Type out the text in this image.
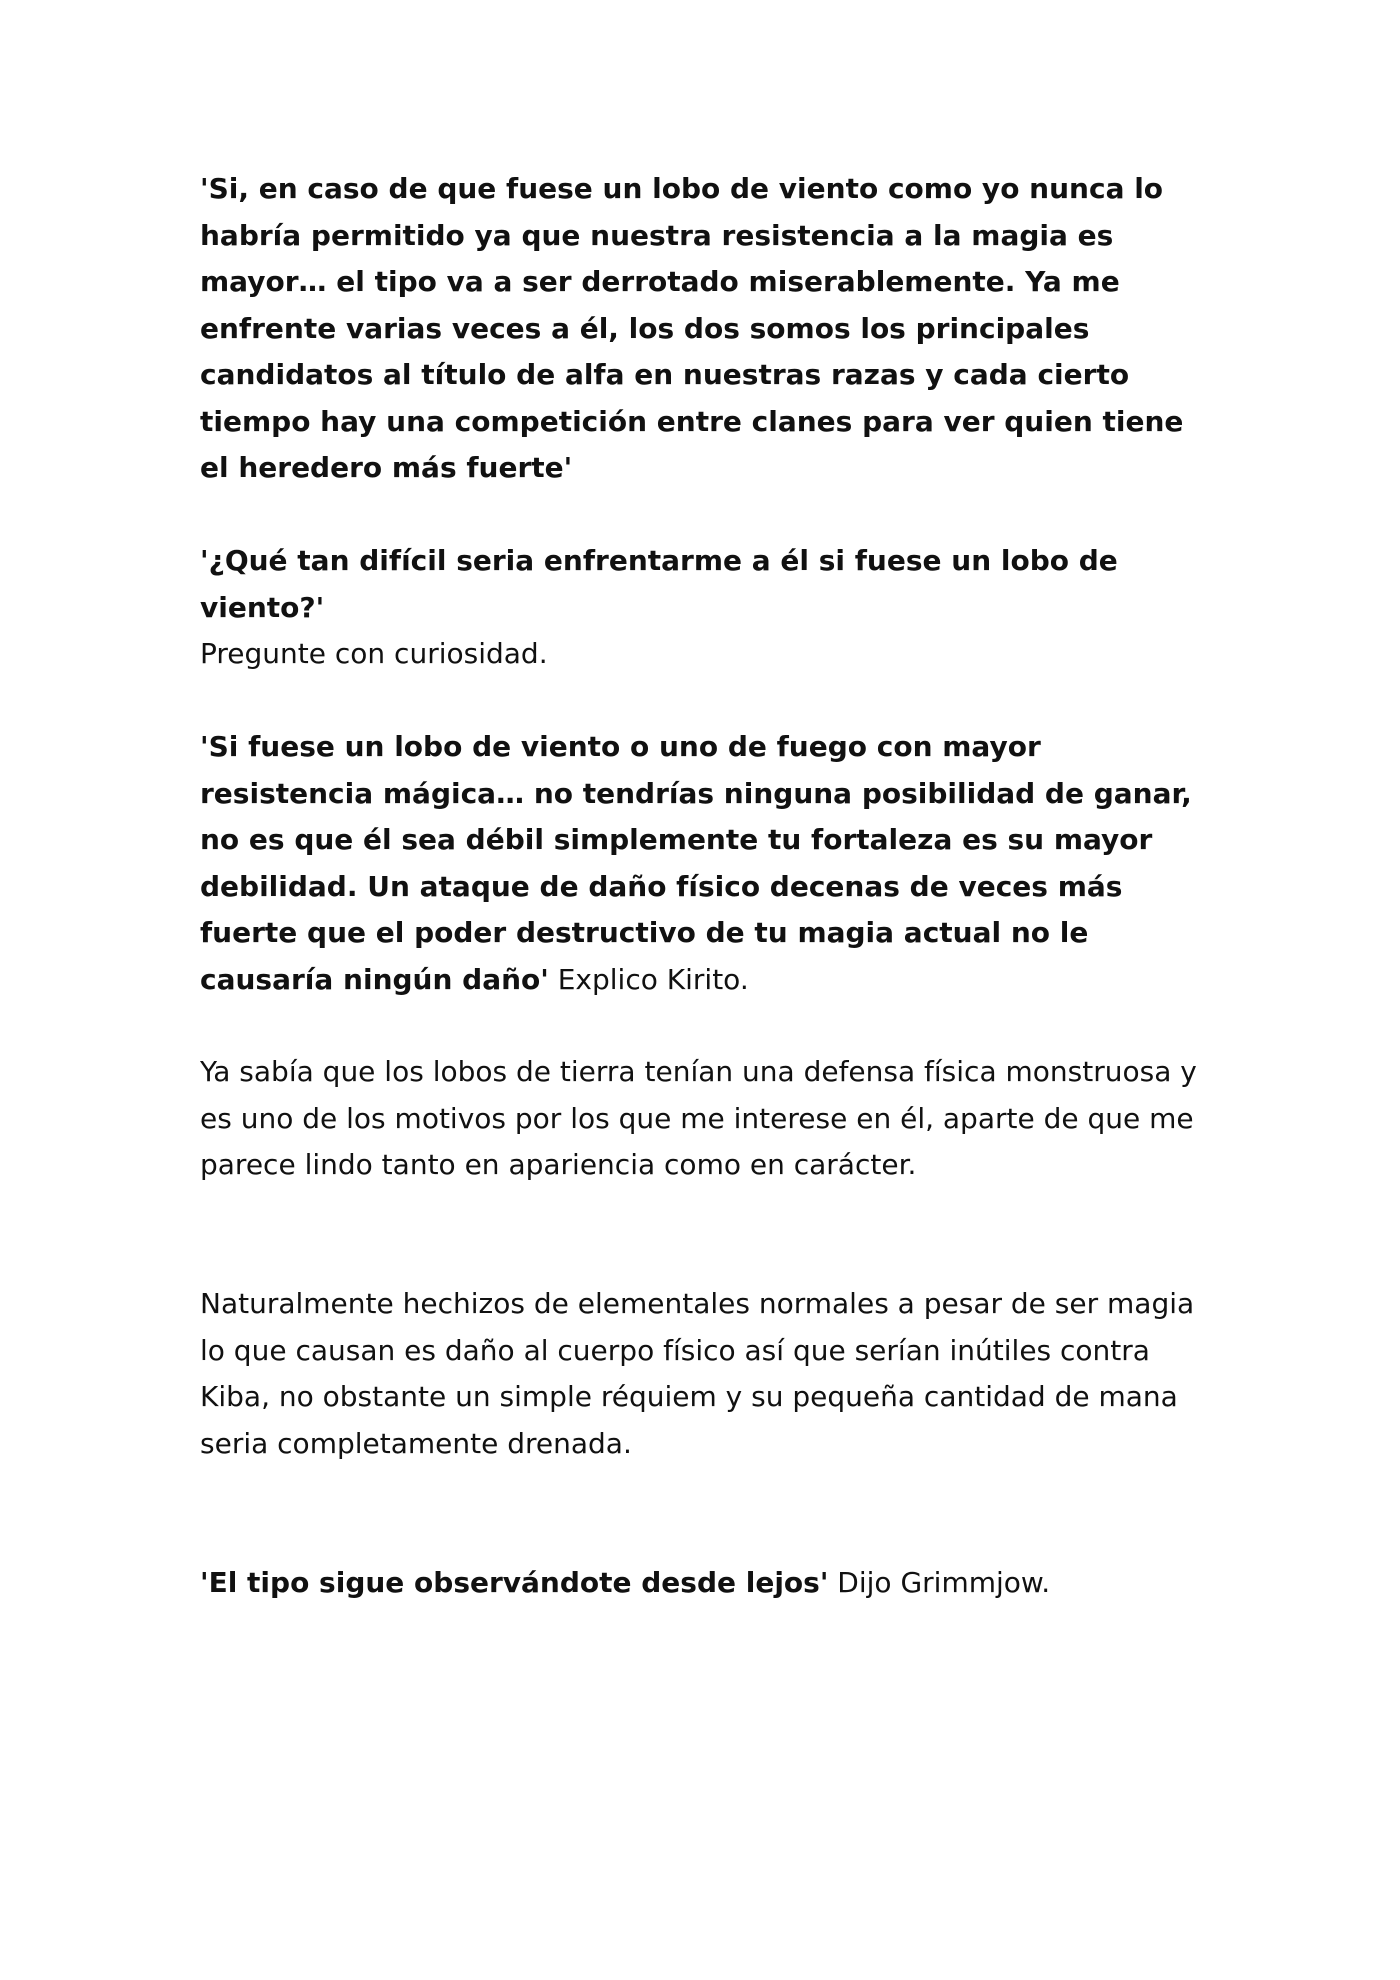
'Si, en caso de que fuese un lobo de viento como yo nunca lo habría permitido ya que nuestra resistencia a la magia es mayor… el tipo va a ser derrotado miserablemente. Ya me enfrente varias veces a él, los dos somos los principales candidatos al título de alfa en nuestras razas y cada cierto tiempo hay una competición entre clanes para ver quien tiene el heredero más fuerte'

'¿Qué tan difícil seria enfrentarme a él si fuese un lobo de viento?'
Pregunte con curiosidad.

'Si fuese un lobo de viento o uno de fuego con mayor resistencia mágica… no tendrías ninguna posibilidad de ganar, no es que él sea débil simplemente tu fortaleza es su mayor debilidad. Un ataque de daño físico decenas de veces más fuerte que el poder destructivo de tu magia actual no le causaría ningún daño' Explico Kirito.

Ya sabía que los lobos de tierra tenían una defensa física monstruosa y es uno de los motivos por los que me interese en él, aparte de que me parece lindo tanto en apariencia como en carácter.

Naturalmente hechizos de elementales normales a pesar de ser magia lo que causan es daño al cuerpo físico así que serían inútiles contra Kiba, no obstante un simple réquiem y su pequeña cantidad de mana seria completamente drenada.

'El tipo sigue observándote desde lejos' Dijo Grimmjow.
